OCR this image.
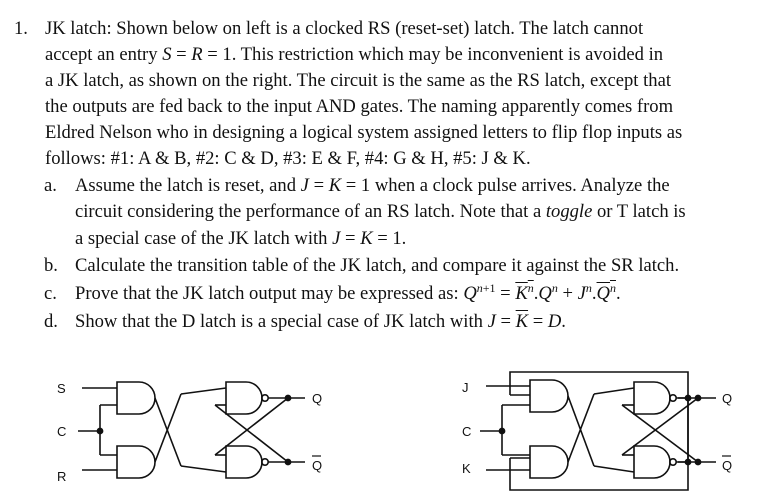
1. JK latch: Shown below on left is a clocked RS (reset-set) latch. The latch cannot
accept an entry S = R = 1. This restriction which may be inconvenient is avoided in
a JK latch, as shown on the right. The circuit is the same as the RS latch, except that
the outputs are fed back to the input AND gates. The naming apparently comes from
Eldred Nelson who in designing a logical system assigned letters to flip flop inputs as
follows: #1: A & B, #2: C & D, #3: E & F, #4: G & H, #5: J & K.
a. Assume the latch is reset, and J = K = 1 when a clock pulse arrives. Analyze the
circuit considering the performance of an RS latch. Note that a toggle or T latch is
a special case of the JK latch with J = K = 1.
b. Calculate the transition table of the JK latch, and compare it against the SR latch.
c. Prove that the JK latch output may be expressed as: $Q^{n+1} = K^n.Q^n + J^n.Q^n$.
d. Show that the D latch is a special case of JK latch with $J = \overline{K} = D$.
S
C
R
Q
Q
J
C
K
Q
Q
